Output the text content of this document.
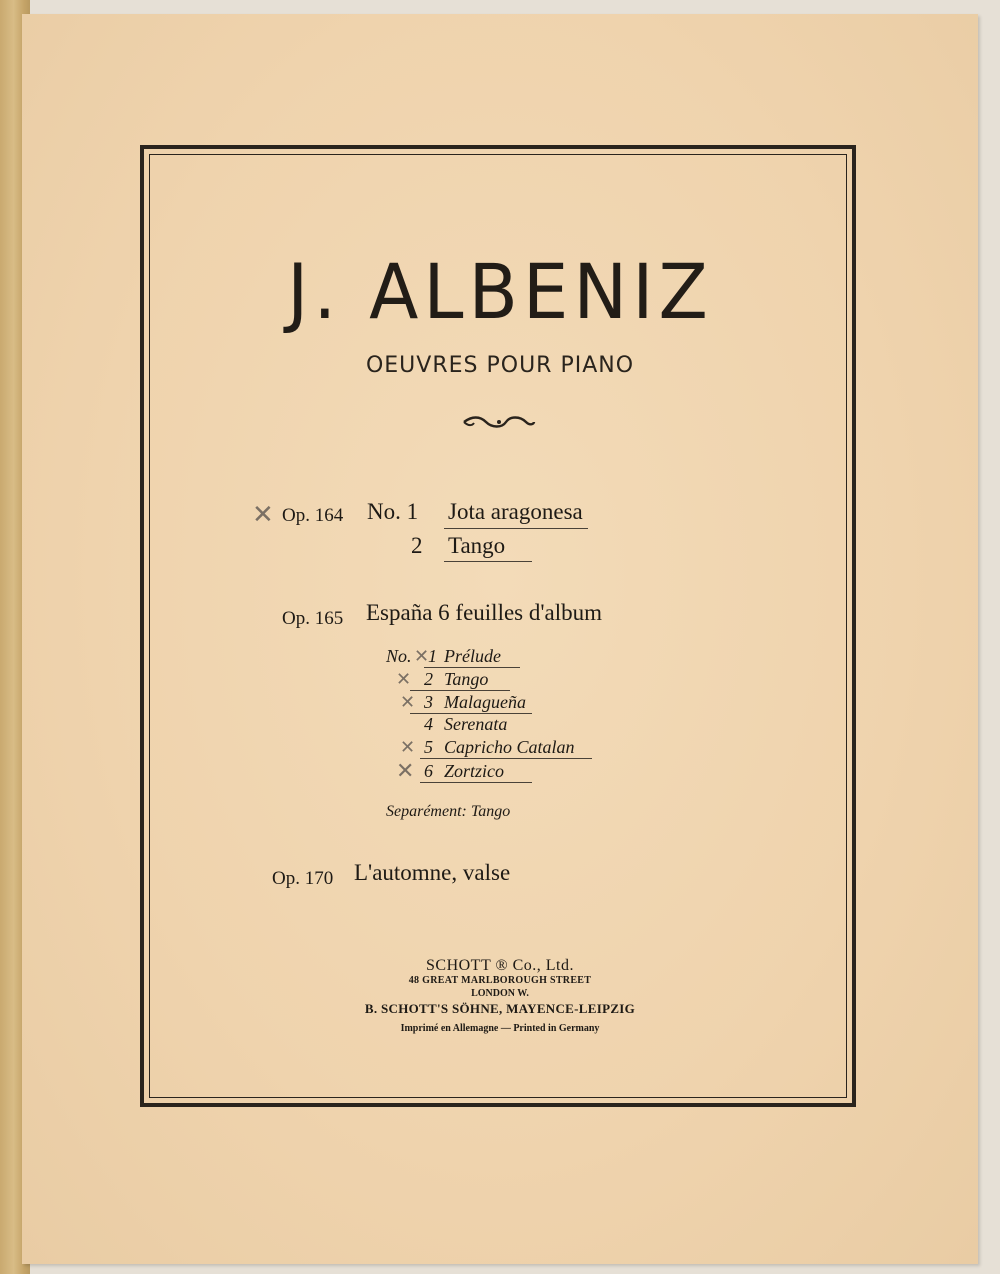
J. ALBENIZ
OEUVRES POUR PIANO
✕ Op. 164 No. 1 Jota aragonesa
2 Tango
Op. 165 España 6 feuilles d'album
No. ✕
1 Prélude
✕ 2 Tango
✕ 3 Malagueña
4 Serenata
✕ 5 Capricho Catalan
✕ 6 Zortzico
Separément: Tango
Op. 170 L'automne, valse
SCHOTT ® Co., Ltd.
48 GREAT MARLBOROUGH STREET
LONDON W.
B. SCHOTT'S SÖHNE, MAYENCE-LEIPZIG
Imprimé en Allemagne — Printed in Germany
